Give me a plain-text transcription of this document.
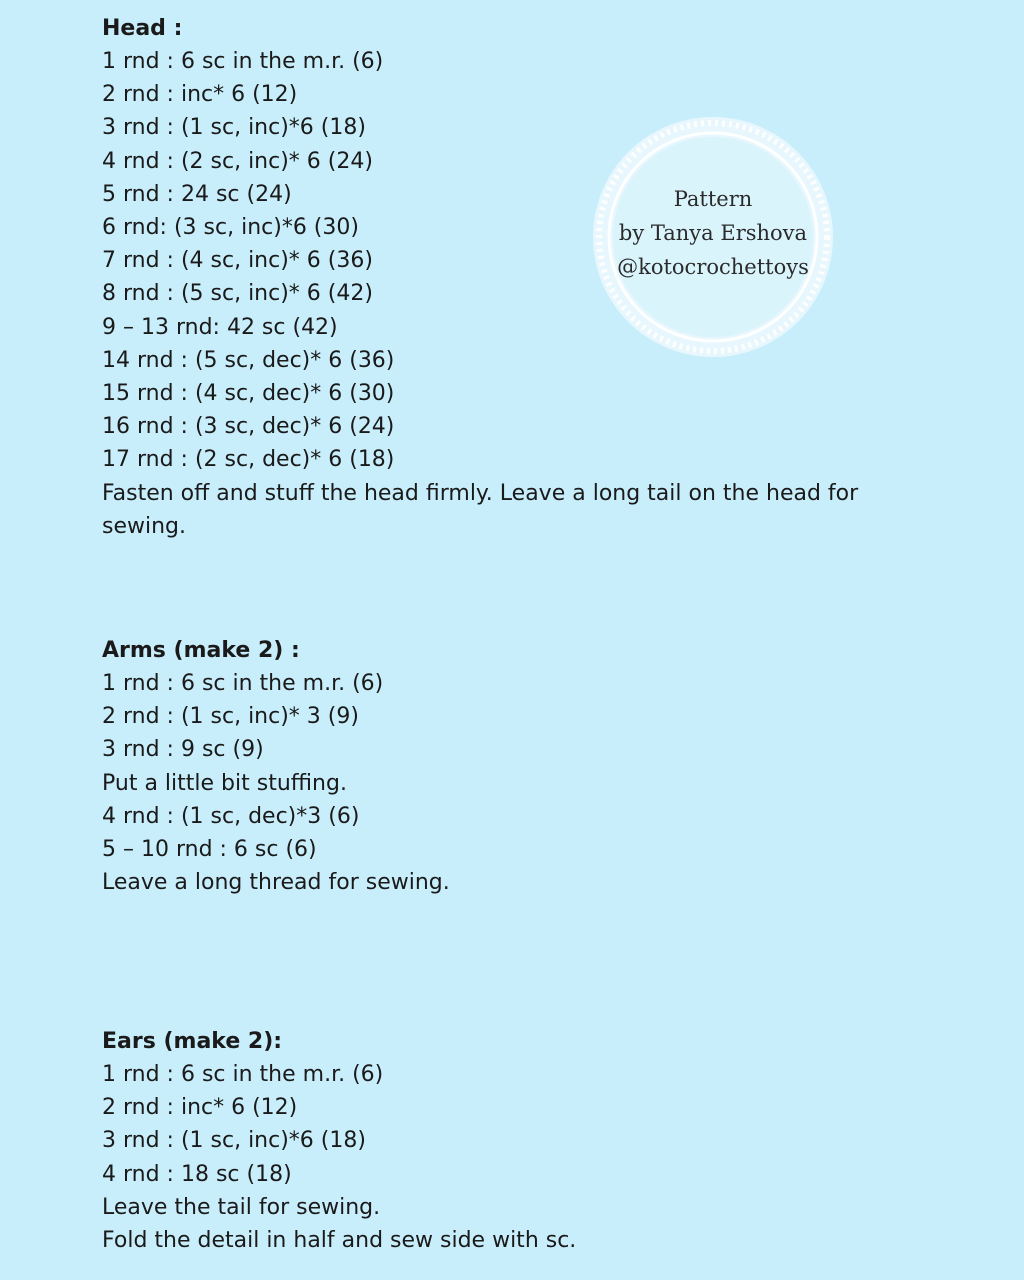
Head :
1 rnd : 6 sc in the m.r. (6)
2 rnd : inc* 6 (12)
3 rnd : (1 sc, inc)*6 (18)
4 rnd : (2 sc, inc)* 6 (24)
5 rnd : 24 sc (24)
6 rnd: (3 sc, inc)*6 (30)
7 rnd : (4 sc, inc)* 6 (36)
8 rnd : (5 sc, inc)* 6 (42)
9 – 13 rnd: 42 sc (42)
14 rnd : (5 sc, dec)* 6 (36)
15 rnd : (4 sc, dec)* 6 (30)
16 rnd : (3 sc, dec)* 6 (24)
17 rnd : (2 sc, dec)* 6 (18)
Fasten off and stuff the head firmly. Leave a long tail on the head for sewing.
Arms (make 2) :
1 rnd : 6 sc in the m.r. (6)
2 rnd : (1 sc, inc)* 3 (9)
3 rnd : 9 sc (9)
Put a little bit stuffing.
4 rnd : (1 sc, dec)*3 (6)
5 – 10 rnd : 6 sc (6)
Leave a long thread for sewing.
Ears (make 2):
1 rnd : 6 sc in the m.r. (6)
2 rnd : inc* 6 (12)
3 rnd : (1 sc, inc)*6 (18)
4 rnd : 18 sc (18)
Leave the tail for sewing.
Fold the detail in half and sew side with sc.
Pattern
by Tanya Ershova
@kotocrochettoys
